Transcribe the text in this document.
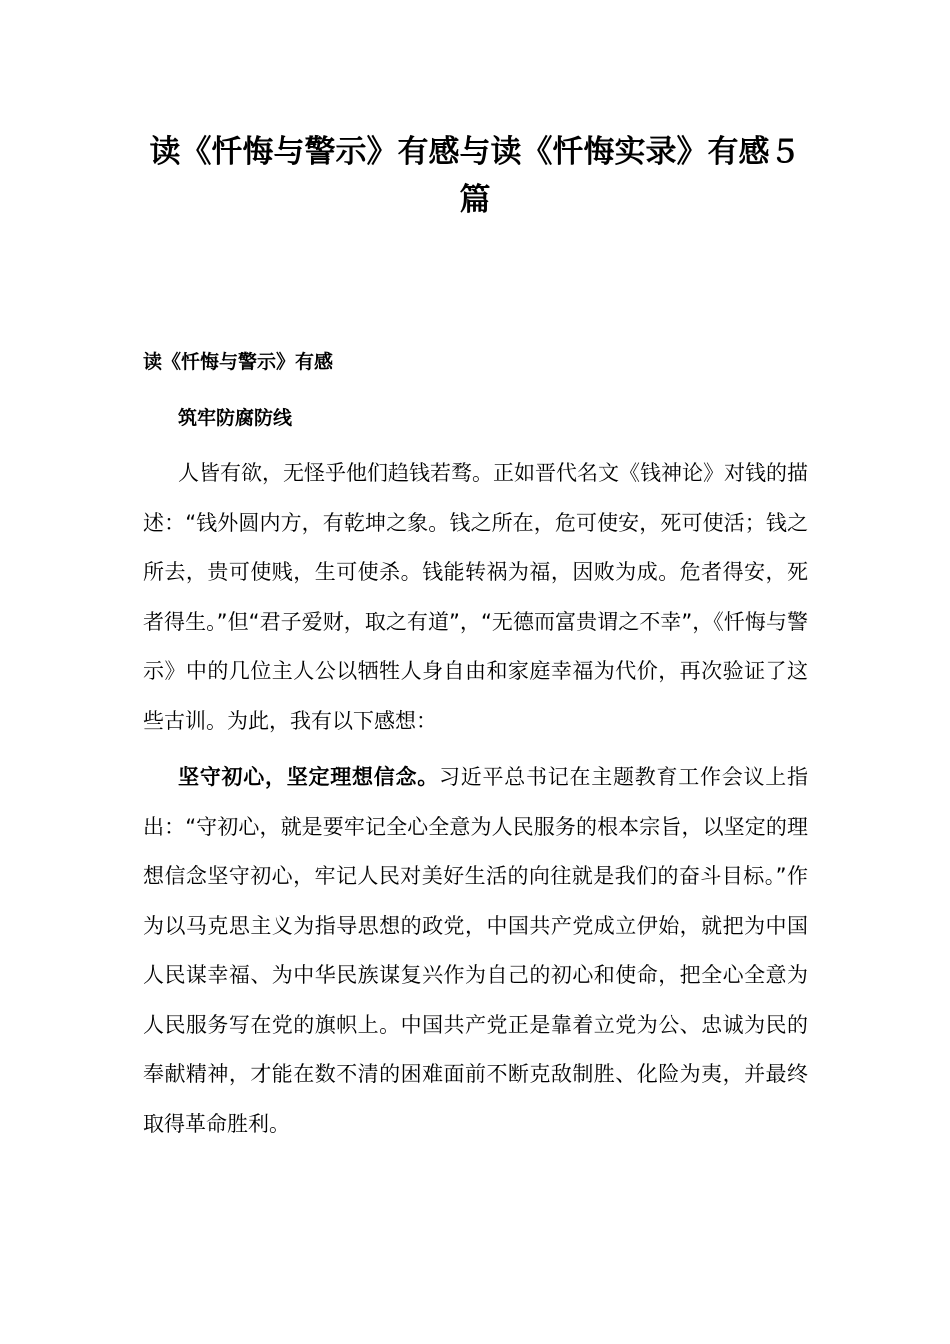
读《忏悔与警示》有感与读《忏悔实录》有感５篇
读《忏悔与警示》有感
筑牢防腐防线

人皆有欲，无怪乎他们趋钱若骛。正如晋代名文《钱神论》对钱的描述：“钱外圆内方，有乾坤之象。钱之所在，危可使安，死可使活；钱之所去，贵可使贱，生可使杀。钱能转祸为福，因败为成。危者得安，死者得生。”但“君子爱财，取之有道”，“无德而富贵谓之不幸”，《忏悔与警示》中的几位主人公以牺牲人身自由和家庭幸福为代价，再次验证了这些古训。为此，我有以下感想：

坚守初心，坚定理想信念。习近平总书记在主题教育工作会议上指出：“守初心，就是要牢记全心全意为人民服务的根本宗旨，以坚定的理想信念坚守初心，牢记人民对美好生活的向往就是我们的奋斗目标。”作为以马克思主义为指导思想的政党，中国共产党成立伊始，就把为中国人民谋幸福、为中华民族谋复兴作为自己的初心和使命，把全心全意为人民服务写在党的旗帜上。中国共产党正是靠着立党为公、忠诚为民的奉献精神，才能在数不清的困难面前不断克敌制胜、化险为夷，并最终取得革命胜利。
